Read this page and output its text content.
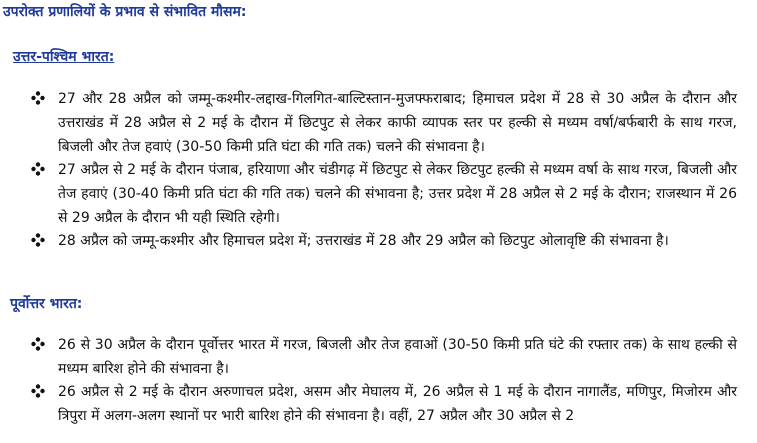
उपरोक्त प्रणालियों के प्रभाव से संभावित मौसम:
उत्तर-पश्चिम भारत:
27 और 28 अप्रैल को जम्मू-कश्मीर-लद्दाख-गिलगित-बाल्टिस्तान-मुजफ्फराबाद; हिमाचल प्रदेश में 28 से 30 अप्रैल के दौरान और उत्तराखंड में 28 अप्रैल से 2 मई के दौरान में छिटपुट से लेकर काफी व्यापक स्तर पर हल्की से मध्यम वर्षा/बर्फबारी के साथ गरज, बिजली और तेज हवाएं (30-50 किमी प्रति घंटा की गति तक) चलने की संभावना है।
27 अप्रैल से 2 मई के दौरान पंजाब, हरियाणा और चंडीगढ़ में छिटपुट से लेकर छिटपुट हल्की से मध्यम वर्षा के साथ गरज, बिजली और तेज हवाएं (30-40 किमी प्रति घंटा की गति तक) चलने की संभावना है; उत्तर प्रदेश में 28 अप्रैल से 2 मई के दौरान; राजस्थान में 26 से 29 अप्रैल के दौरान भी यही स्थिति रहेगी।
28 अप्रैल को जम्मू-कश्मीर और हिमाचल प्रदेश में; उत्तराखंड में 28 और 29 अप्रैल को छिटपुट ओलावृष्टि की संभावना है।
पूर्वोत्तर भारत:
26 से 30 अप्रैल के दौरान पूर्वोत्तर भारत में गरज, बिजली और तेज हवाओं (30-50 किमी प्रति घंटे की रफ्तार तक) के साथ हल्की से मध्यम बारिश होने की संभावना है।
26 अप्रैल से 2 मई के दौरान अरुणाचल प्रदेश, असम और मेघालय में, 26 अप्रैल से 1 मई के दौरान नागालैंड, मणिपुर, मिजोरम और त्रिपुरा में अलग-अलग स्थानों पर भारी बारिश होने की संभावना है। वहीं, 27 अप्रैल और 30 अप्रैल से 2
